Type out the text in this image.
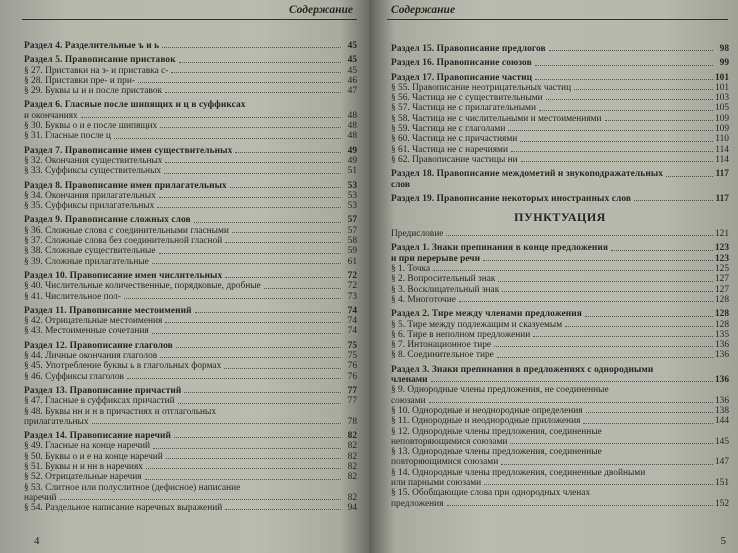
Содержание
Раздел 4. Разделительные ъ и ь	45
Раздел 5. Правописание приставок	45
§ 27. Приставки на з- и приставка с-	45
§ 28. Приставки пре- и при-	46
§ 29. Буквы ы и и после приставок	47
Раздел 6. Гласные после шипящих и ц в суффиксах
и окончаниях	48
§ 30. Буквы о и е после шипящих	48
§ 31. Гласные после ц	48
Раздел 7. Правописание имен существительных	49
§ 32. Окончания существительных	49
§ 33. Суффиксы существительных	51
Раздел 8. Правописание имен прилагательных	53
§ 34. Окончания прилагательных	53
§ 35. Суффиксы прилагательных	53
Раздел 9. Правописание сложных слов	57
§ 36. Сложные слова с соединительными гласными	57
§ 37. Сложные слова без соединительной гласной	58
§ 38. Сложные существительные	59
§ 39. Сложные прилагательные	61
Раздел 10. Правописание имен числительных	72
§ 40. Числительные количественные, порядковые, дробные	72
§ 41. Числительное пол-	73
Раздел 11. Правописание местоимений	74
§ 42. Отрицательные местоимения	74
§ 43. Местоименные сочетания	74
Раздел 12. Правописание глаголов	75
§ 44. Личные окончания глаголов	75
§ 45. Употребление буквы ь в глагольных формах	76
§ 46. Суффиксы глаголов	76
Раздел 13. Правописание причастий	77
§ 47. Гласные в суффиксах причастий	77
§ 48. Буквы нн и н в причастиях и отглагольных
прилагательных	78
Раздел 14. Правописание наречий	82
§ 49. Гласные на конце наречий	82
§ 50. Буквы о и е на конце наречий	82
§ 51. Буквы н и нн в наречиях	82
§ 52. Отрицательные наречия	82
§ 53. Слитное или полуслитное (дефисное) написание
наречий	82
§ 54. Раздельное написание наречных выражений	94
4
Содержание
Раздел 15. Правописание предлогов	98
Раздел 16. Правописание союзов	99
Раздел 17. Правописание частиц	101
§ 55. Правописание неотрицательных частиц	101
§ 56. Частица не с существительными	103
§ 57. Частица не с прилагательными	105
§ 58. Частица не с числительными и местоимениями	109
§ 59. Частица не с глаголами	109
§ 60. Частица не с причастиями	110
§ 61. Частица не с наречиями	114
§ 62. Правописание частицы ни	114
Раздел 18. Правописание междометий и звукоподражательных	117
слов
Раздел 19. Правописание некоторых иностранных слов	117
ПУНКТУАЦИЯ
Предисловие	121
Раздел 1. Знаки препинания в конце предложения	123
и при перерыве речи	123
§ 1. Точка	125
§ 2. Вопросительный знак	127
§ 3. Восклицательный знак	127
§ 4. Многоточие	128
Раздел 2. Тире между членами предложения	128
§ 5. Тире между подлежащим и сказуемым	128
§ 6. Тире в неполном предложении	135
§ 7. Интонационное тире	136
§ 8. Соединительное тире	136
Раздел 3. Знаки препинания в предложениях с однородными
членами	136
§ 9. Однородные члены предложения, не соединенные
союзами	136
§ 10. Однородные и неоднородные определения	138
§ 11. Однородные и неоднородные приложения	144
§ 12. Однородные члены предложения, соединенные
неповторяющимися союзами	145
§ 13. Однородные члены предложения, соединенные
повторяющимися союзами	147
§ 14. Однородные члены предложения, соединенные двойными
или парными союзами	151
§ 15. Обобщающие слова при однородных членах
предложения	152
5
